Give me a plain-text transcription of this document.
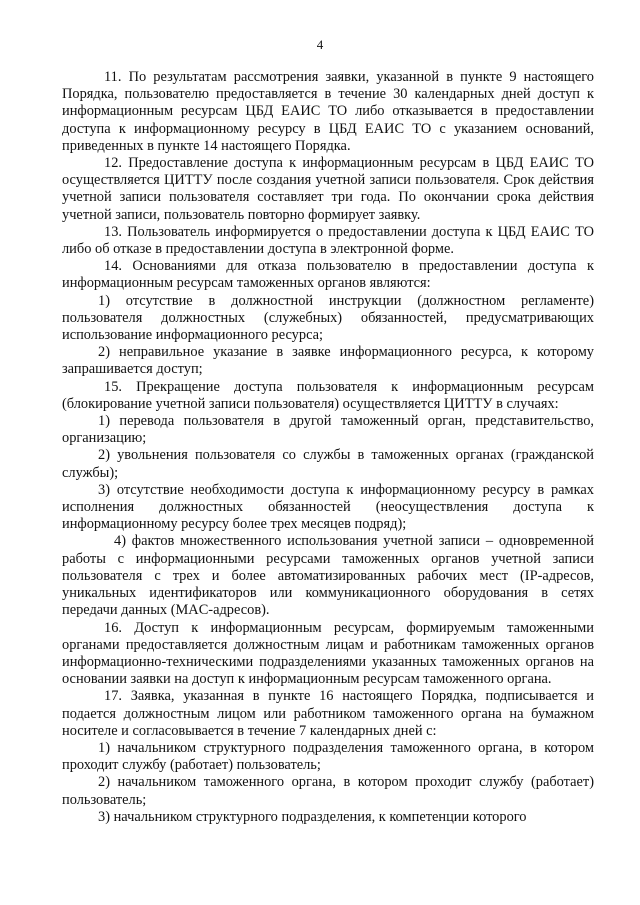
4

11. По результатам рассмотрения заявки, указанной в пункте 9 настоящего Порядка, пользователю предоставляется в течение 30 календарных дней доступ к информационным ресурсам ЦБД ЕАИС ТО либо отказывается в предоставлении доступа к информационному ресурсу в ЦБД ЕАИС ТО с указанием оснований, приведенных в пункте 14 настоящего Порядка.

12. Предоставление доступа к информационным ресурсам в ЦБД ЕАИС ТО осуществляется ЦИТТУ после создания учетной записи пользователя. Срок действия учетной записи пользователя составляет три года. По окончании срока действия учетной записи, пользователь повторно формирует заявку.

13. Пользователь информируется о предоставлении доступа к ЦБД ЕАИС ТО либо об отказе в предоставлении доступа в электронной форме.

14. Основаниями для отказа пользователю в предоставлении доступа к информационным ресурсам таможенных органов являются:

1) отсутствие в должностной инструкции (должностном регламенте) пользователя должностных (служебных) обязанностей, предусматривающих использование информационного ресурса;

2) неправильное указание в заявке информационного ресурса, к которому запрашивается доступ;

15. Прекращение доступа пользователя к информационным ресурсам (блокирование учетной записи пользователя) осуществляется ЦИТТУ в случаях:

1) перевода пользователя в другой таможенный орган, представительство, организацию;

2) увольнения пользователя со службы в таможенных органах (гражданской службы);

3) отсутствие необходимости доступа к информационному ресурсу в рамках исполнения должностных обязанностей (неосуществления доступа к информационному ресурсу более трех месяцев подряд);

4) фактов множественного использования учетной записи – одновременной работы с информационными ресурсами таможенных органов учетной записи пользователя с трех и более автоматизированных рабочих мест (IP-адресов, уникальных идентификаторов или коммуникационного оборудования в сетях передачи данных (MAC-адресов).

16. Доступ к информационным ресурсам, формируемым таможенными органами предоставляется должностным лицам и работникам таможенных органов информационно-техническими подразделениями указанных таможенных органов на основании заявки на доступ к информационным ресурсам таможенного органа.

17. Заявка, указанная в пункте 16 настоящего Порядка, подписывается и подается должностным лицом или работником таможенного органа на бумажном носителе и согласовывается в течение 7 календарных дней с:

1) начальником структурного подразделения таможенного органа, в котором проходит службу (работает) пользователь;

2) начальником таможенного органа, в котором проходит службу (работает) пользователь;

3) начальником структурного подразделения, к компетенции которого
